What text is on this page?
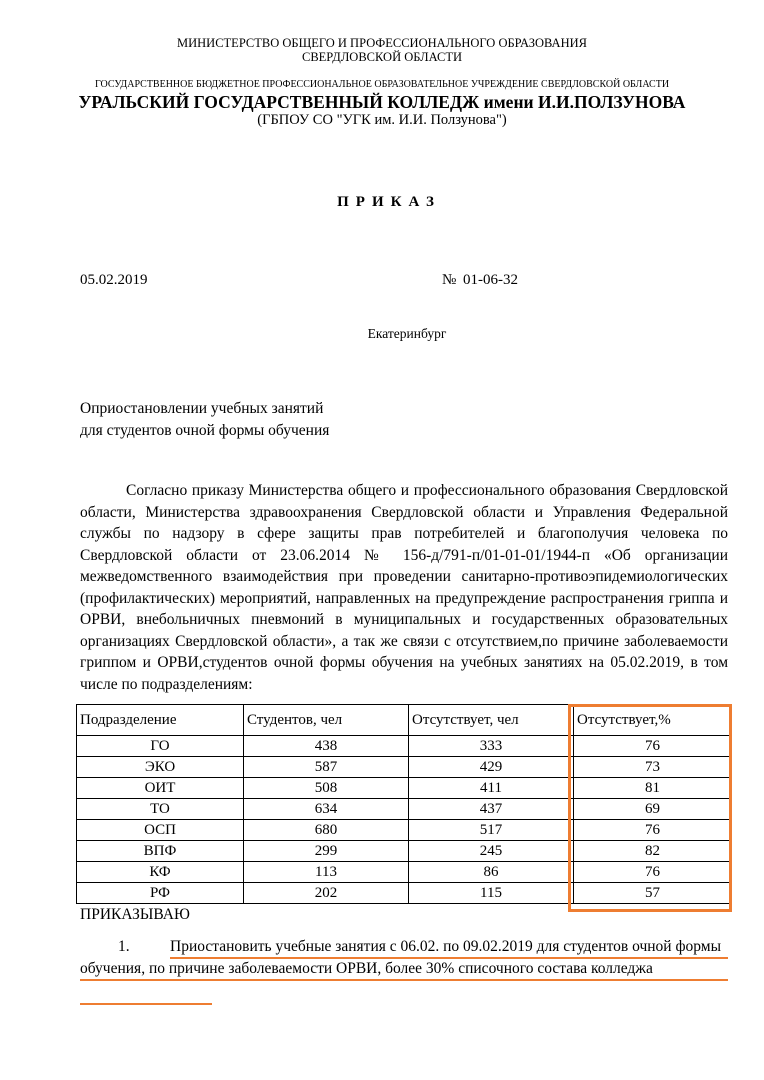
МИНИСТЕРСТВО ОБЩЕГО И ПРОФЕССИОНАЛЬНОГО ОБРАЗОВАНИЯ
СВЕРДЛОВСКОЙ ОБЛАСТИ
ГОСУДАРСТВЕННОЕ БЮДЖЕТНОЕ ПРОФЕССИОНАЛЬНОЕ ОБРАЗОВАТЕЛЬНОЕ УЧРЕЖДЕНИЕ СВЕРДЛОВСКОЙ ОБЛАСТИ
УРАЛЬСКИЙ ГОСУДАРСТВЕННЫЙ КОЛЛЕДЖ имени И.И.ПОЛЗУНОВА
(ГБПОУ СО "УГК им. И.И. Ползунова")
ПРИКАЗ
05.02.2019	№ 01-06-32
Екатеринбург
Оприостановлении учебных занятий
для студентов очной формы обучения
Согласно приказу Министерства общего и профессионального образования Свердловской области, Министерства здравоохранения Свердловской области и Управления Федеральной службы по надзору в сфере защиты прав потребителей и благополучия человека по Свердловской области от 23.06.2014 № 156-д/791-п/01-01-01/1944-п «Об организации межведомственного взаимодействия при проведении санитарно-противоэпидемиологических (профилактических) мероприятий, направленных на предупреждение распространения гриппа и ОРВИ, внебольничных пневмоний в муниципальных и государственных образовательных организациях Свердловской области», а так же связи с отсутствием,по причине заболеваемости гриппом и ОРВИ,студентов очной формы обучения на учебных занятиях на 05.02.2019, в том числе по подразделениям:
Подразделение	Студентов, чел	Отсутствует, чел	Отсутствует,%
ГО	438	333	76
ЭКО	587	429	73
ОИТ	508	411	81
ТО	634	437	69
ОСП	680	517	76
ВПФ	299	245	82
КФ	113	86	76
РФ	202	115	57
ПРИКАЗЫВАЮ
1.	Приостановить учебные занятия с 06.02. по 09.02.2019 для студентов очной формы обучения, по причине заболеваемости ОРВИ, более 30% списочного состава колледжа
